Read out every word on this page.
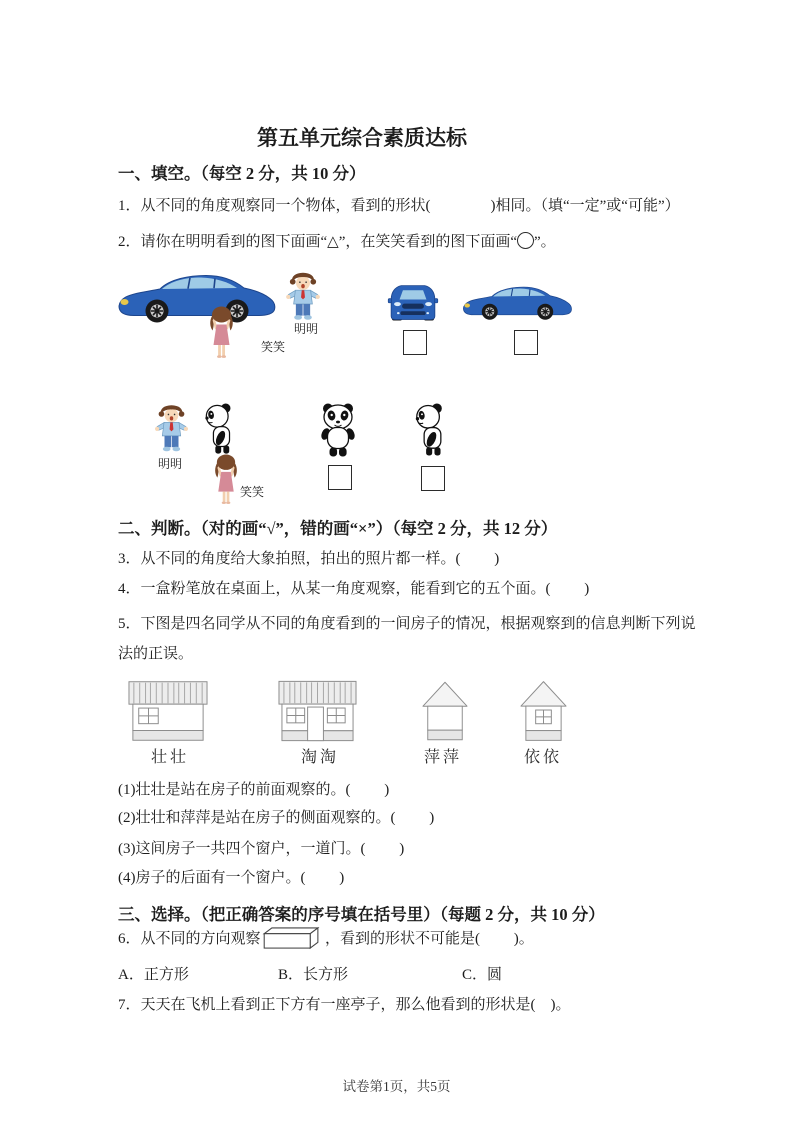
第五单元综合素质达标
一、填空。（每空 2 分，共 10 分）
1．从不同的角度观察同一个物体，看到的形状(　　　　)相同。（填“一定”或“可能”）
2．请你在明明看到的图下面画“△”，在笑笑看到的图下面画“ ”。
明明
笑笑
明明
笑笑
二、判断。（对的画“√”，错的画“×”）（每空 2 分，共 12 分）
3．从不同的角度给大象拍照，拍出的照片都一样。(　　 )
4．一盒粉笔放在桌面上，从某一角度观察，能看到它的五个面。(　　 )
5．下图是四名同学从不同的角度看到的一间房子的情况，根据观察到的信息判断下列说法的正误。
壮壮	淘淘	萍萍	依依
(1)壮壮是站在房子的前面观察的。(　　 )
(2)壮壮和萍萍是站在房子的侧面观察的。(　　 )
(3)这间房子一共四个窗户，一道门。(　　 )
(4)房子的后面有一个窗户。(　　 )
三、选择。（把正确答案的序号填在括号里）（每题 2 分，共 10 分）
6．从不同的方向观察	，看到的形状不可能是(　　 )。
A．正方形	B．长方形	C．圆
7．天天在飞机上看到正下方有一座亭子，那么他看到的形状是(　)。
试卷第1页，共5页
